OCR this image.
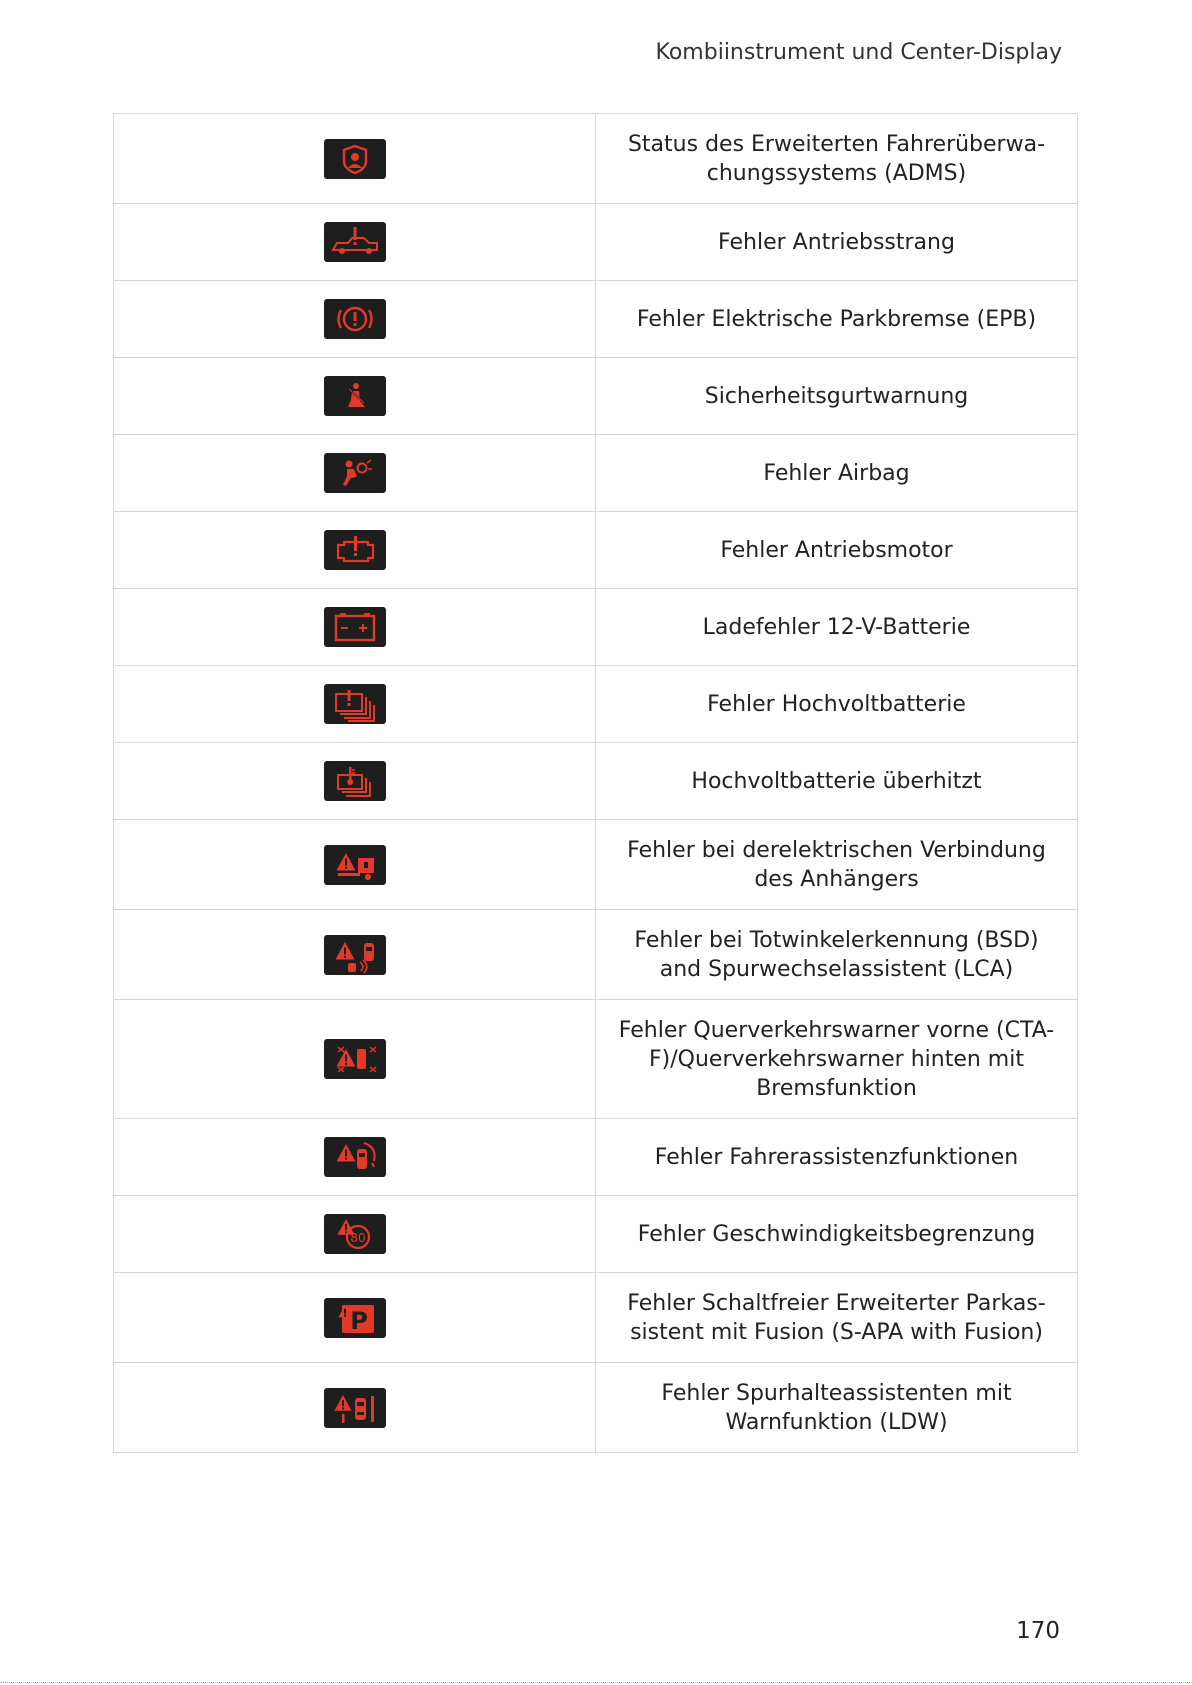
Kombiinstrument und Center-Display
	Status des Erweiterten Fahrerüberwa-
chungssystems (ADMS)

	Fehler Antriebsstrang

	Fehler Elektrische Parkbremse (EPB)

	Sicherheitsgurtwarnung

	Fehler Airbag

	Fehler Antriebsmotor

	Ladefehler 12-V-Batterie

	Fehler Hochvoltbatterie

	Hochvoltbatterie überhitzt

	Fehler bei derelektrischen Verbindung
des Anhängers

	Fehler bei Totwinkelerkennung (BSD)
and Spurwechselassistent (LCA)

	Fehler Querverkehrswarner vorne (CTA-
F)/Querverkehrswarner hinten mit
Bremsfunktion

	Fehler Fahrerassistenzfunktionen

80	Fehler Geschwindigkeitsbegrenzung

P	Fehler Schaltfreier Erweiterter Parkas-
sistent mit Fusion (S-APA with Fusion)

	Fehler Spurhalteassistenten mit
Warnfunktion (LDW)
170
